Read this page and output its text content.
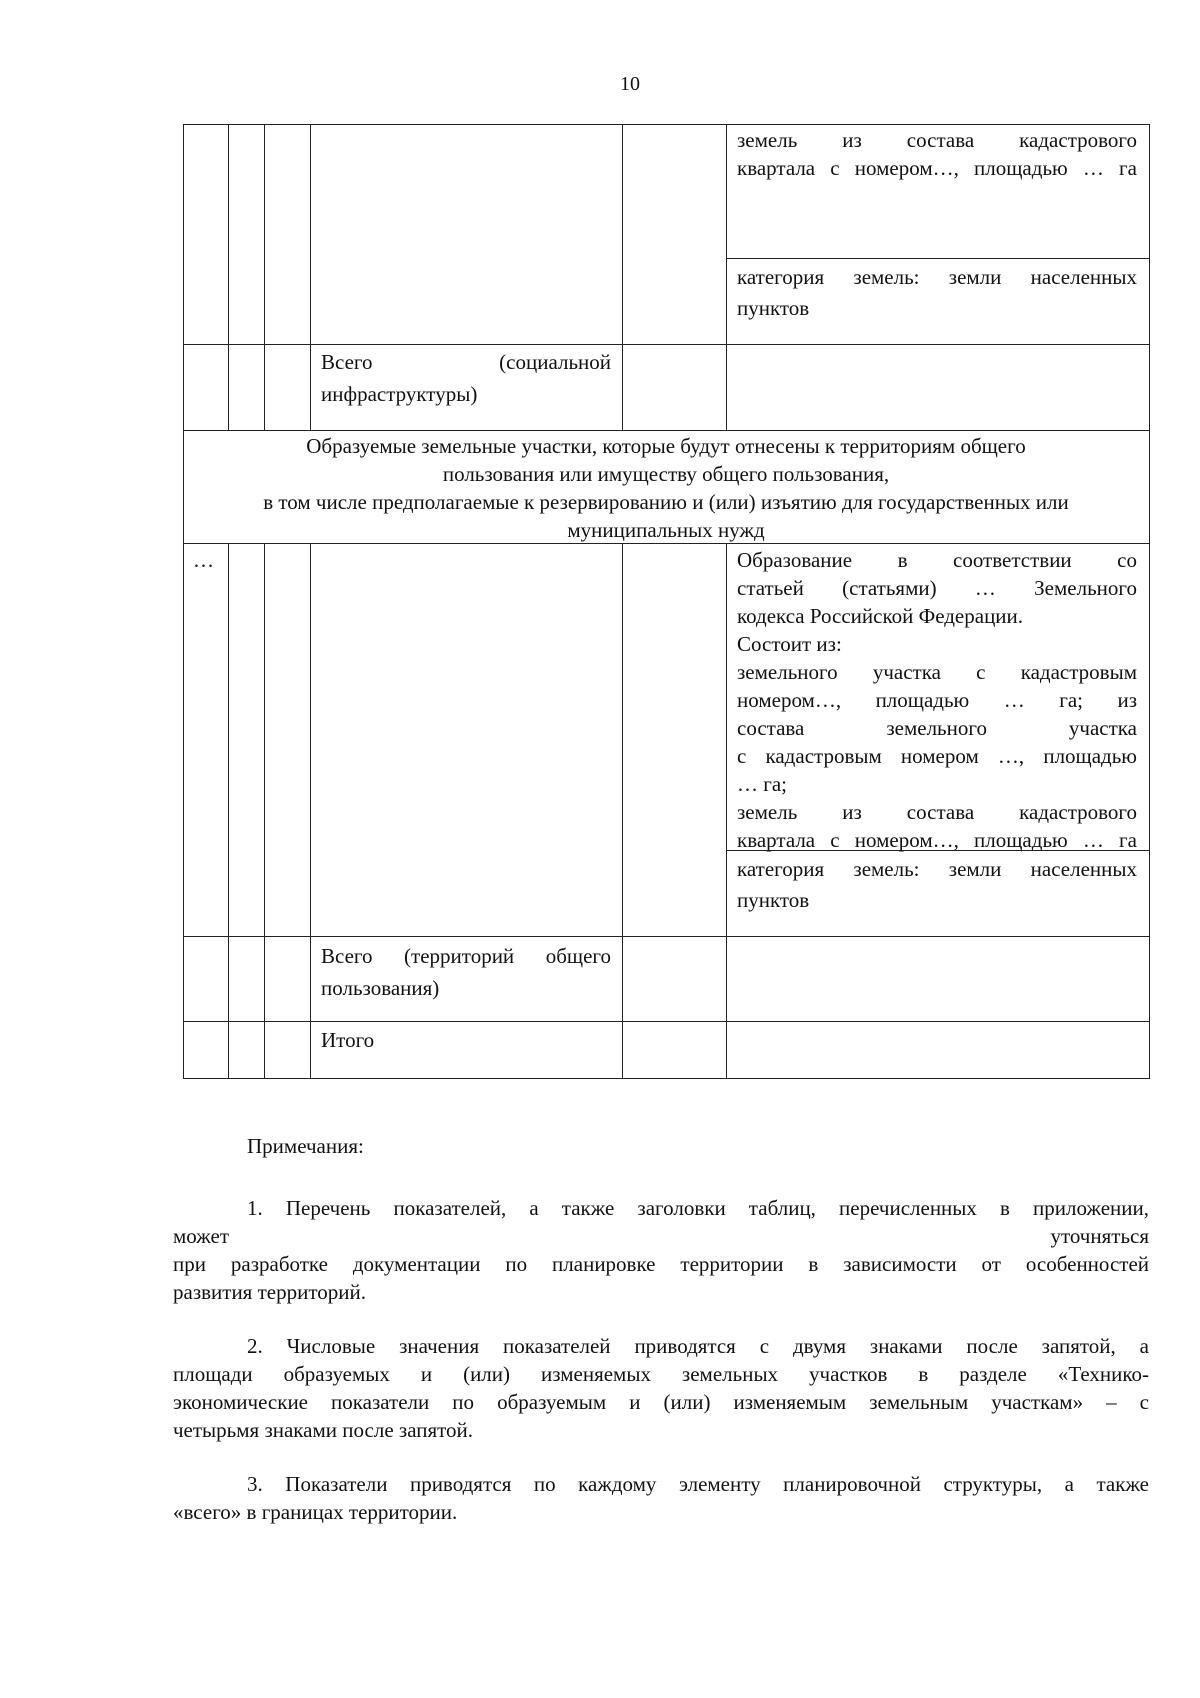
10
земель из состава кадастрового
квартала с номером…, площадью … га
категория земель: земли населенных
пунктов
Всего (социальной
инфраструктуры)
Образуемые земельные участки, которые будут отнесены к территориям общего
пользования или имуществу общего пользования,
в том числе предполагаемые к резервированию и (или) изъятию для государственных или
муниципальных нужд
…	Образование в соответствии со
статьей (статьями) … Земельного
кодекса Российской Федерации.
Состоит из:
земельного участка с кадастровым
номером…, площадью … га; из
состава земельного участка
с кадастровым номером …, площадью
… га;
земель из состава кадастрового
квартала с номером…, площадью … га
категория земель: земли населенных
пунктов
Всего (территорий общего
пользования)
Итого
Примечания:
1. Перечень показателей, а также заголовки таблиц, перечисленных в приложении,
может уточняться
при разработке документации по планировке территории в зависимости от особенностей
развития территорий.
2. Числовые значения показателей приводятся с двумя знаками после запятой, а
площади образуемых и (или) изменяемых земельных участков в разделе «Технико-
экономические показатели по образуемым и (или) изменяемым земельным участкам» – с
четырьмя знаками после запятой.
3. Показатели приводятся по каждому элементу планировочной структуры, а также
«всего» в границах территории.
